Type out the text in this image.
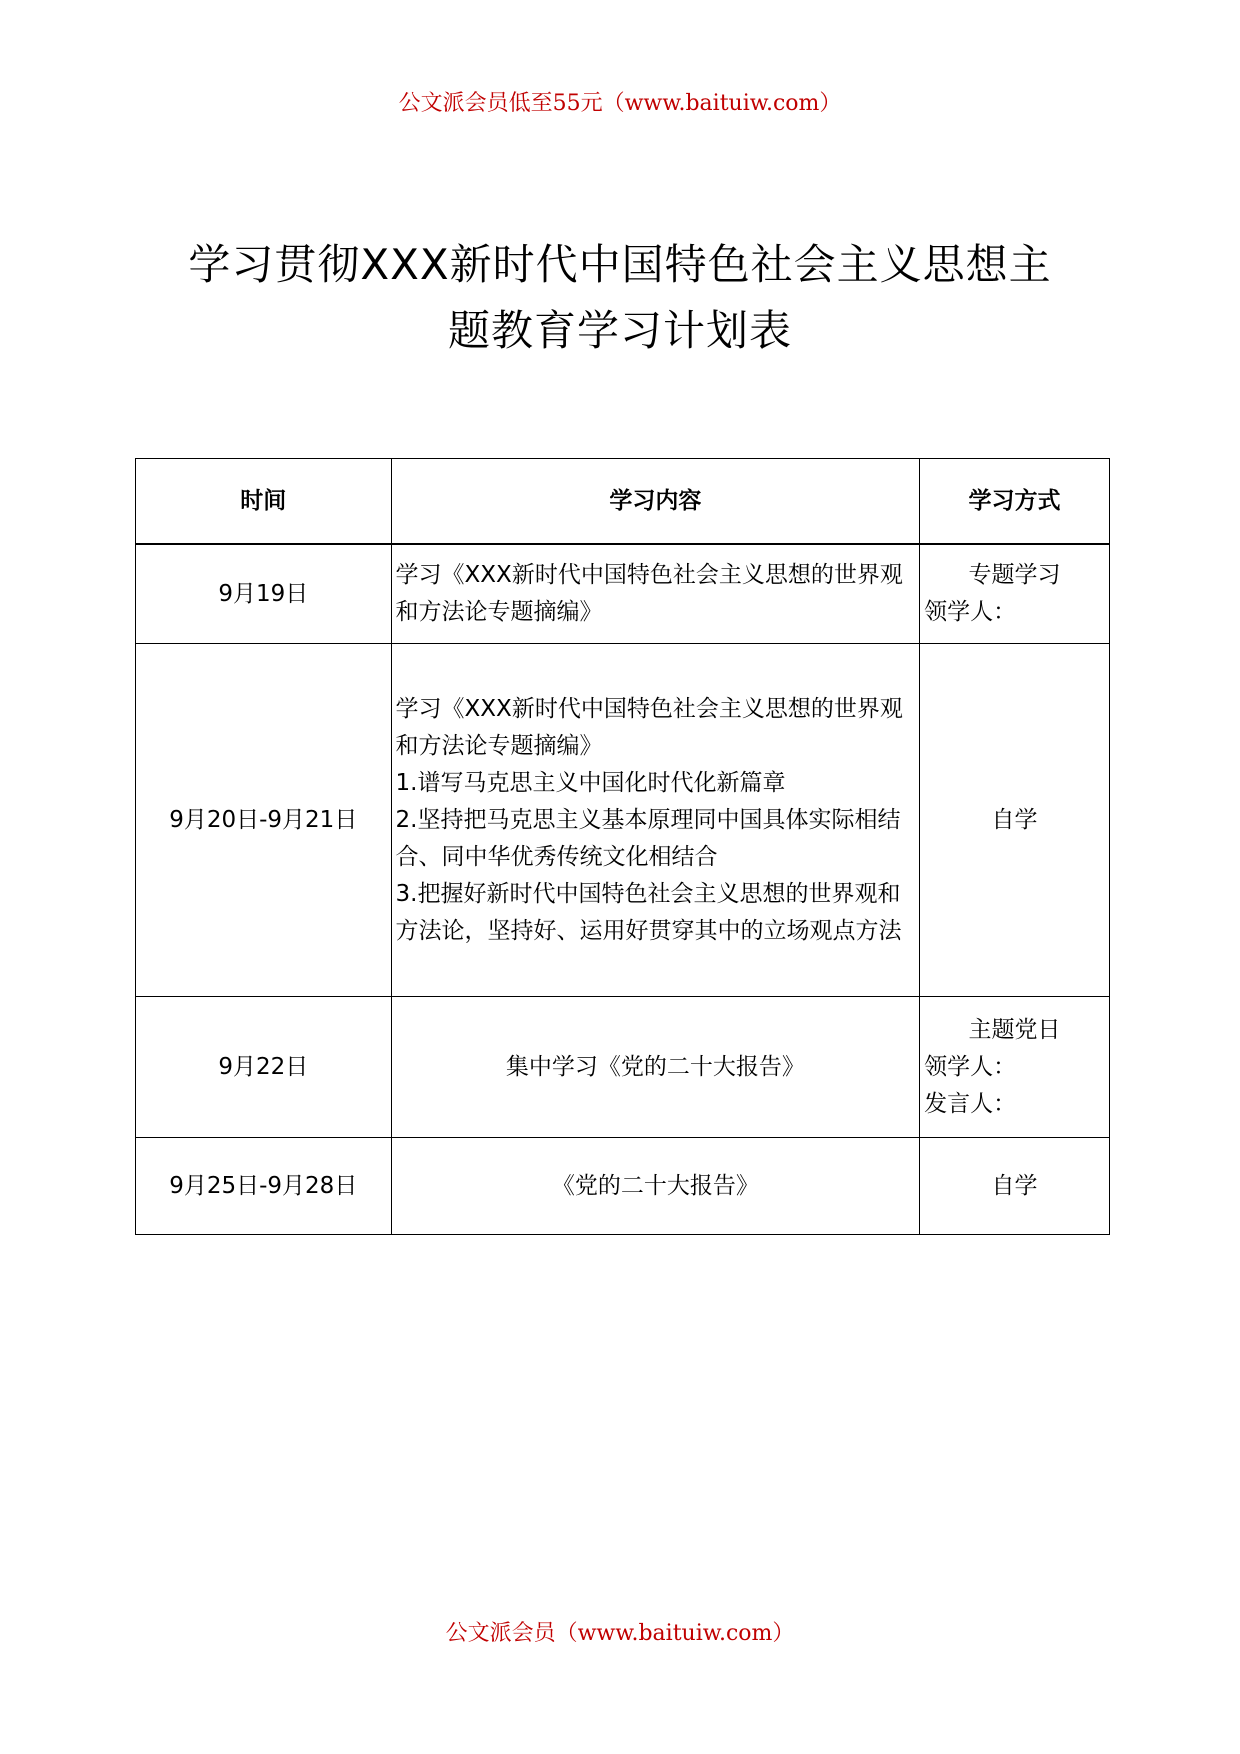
公文派会员低至55元（www.baituiw.com）
学习贯彻XXX新时代中国特色社会主义思想主
题教育学习计划表
时间	学习内容	学习方式
9月19日	学习《XXX新时代中国特色社会主义思想的世界观和方法论专题摘编》	专题学习
领学人：

9月20日-9月21日	学习《XXX新时代中国特色社会主义思想的世界观和方法论专题摘编》
1.谱写马克思主义中国化时代化新篇章
2.坚持把马克思主义基本原理同中国具体实际相结合、同中华优秀传统文化相结合
3.把握好新时代中国特色社会主义思想的世界观和方法论，坚持好、运用好贯穿其中的立场观点方法	自学

9月22日	集中学习《党的二十大报告》	主题党日
领学人：
发言人：

9月25日-9月28日	《党的二十大报告》	自学
公文派会员（www.baituiw.com）
